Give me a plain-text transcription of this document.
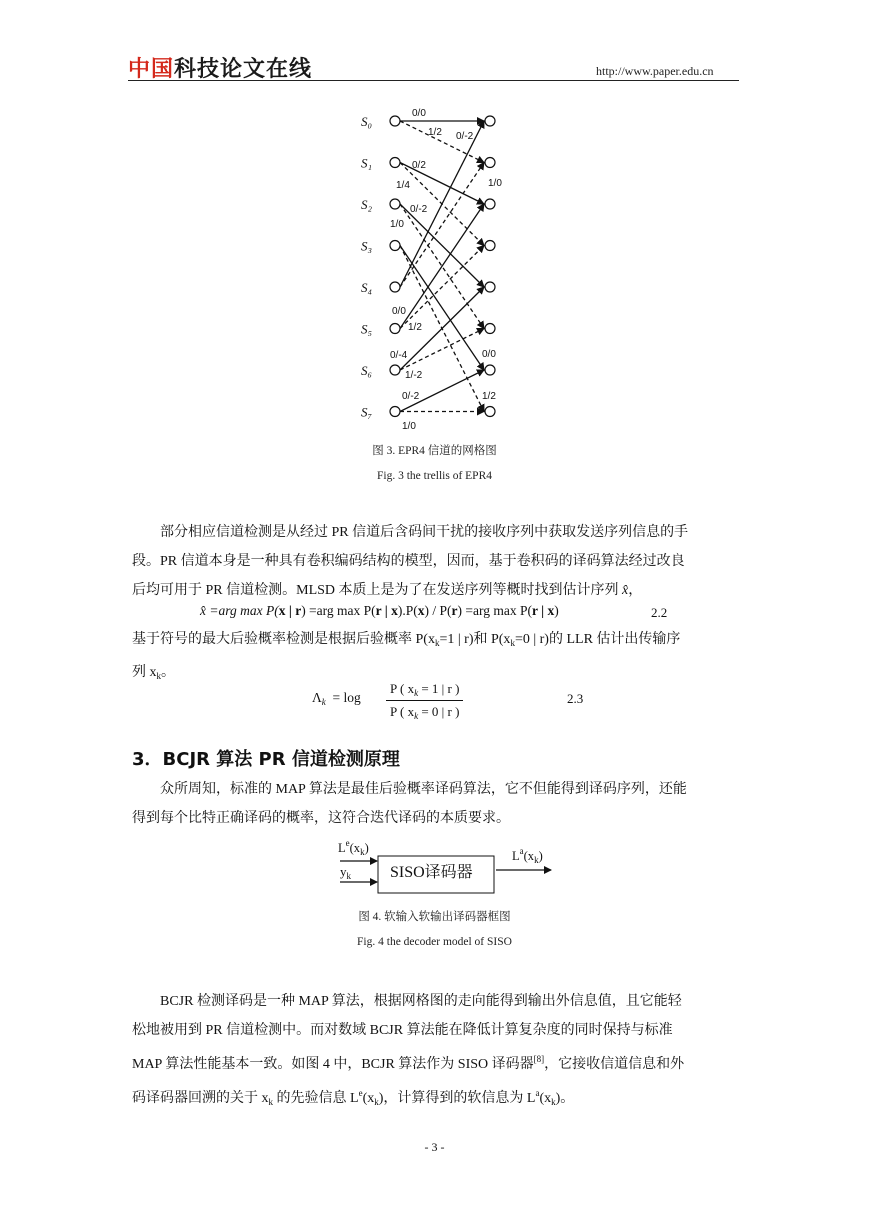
中国科技论文在线	http://www.paper.edu.cn
S₀
S₁
S₂
S₃
S₄
S₅
S₆
S₇
0/0
1/2 0/-2
0/2
1/4	1/0
0/-2
1/0
0/0
1/2
0/-4	0/0
1/-2
0/-2	1/2
1/0
图 3. EPR4 信道的网格图
Fig. 3 the trellis of EPR4
部分相应信道检测是从经过 PR 信道后含码间干扰的接收序列中获取发送序列信息的手
段。PR 信道本身是一种具有卷积编码结构的模型，因而，基于卷积码的译码算法经过改良
后均可用于 PR 信道检测。MLSD 本质上是为了在发送序列等概时找到估计序列 x̂，
x̂ =arg max P(x | r) =arg max P(r | x).P(x) / P(r) =arg max P(r | x)	2.2
基于符号的最大后验概率检测是根据后验概率 $P(x_k=1$ | r)和 $P(x_k=0$ | r)的 LLR 估计出传输序
列 $x_k$。
$\Lambda_k = \log \frac{P ( x_k = 1 | r )}{P ( x_k = 0 | r )}$	2.3
3．BCJR 算法 PR 信道检测原理
众所周知，标准的 MAP 算法是最佳后验概率译码算法，它不但能得到译码序列，还能
得到每个比特正确译码的概率，这符合迭代译码的本质要求。
$L^e(x_k)$
$y_k$ SISO译码器
$L^a(x_k)$
图 4. 软输入软输出译码器框图
Fig. 4 the decoder model of SISO
BCJR 检测译码是一种 MAP 算法，根据网格图的走向能得到输出外信息值，且它能轻
松地被用到 PR 信道检测中。而对数域 BCJR 算法能在降低计算复杂度的同时保持与标准
MAP 算法性能基本一致。如图 4 中，BCJR 算法作为 SISO 译码器[8]，它接收信道信息和外
码译码器回溯的关于 $x_k$ 的先验信息 $L^e(x_k)$，计算得到的软信息为 $L^a(x_k)$。
- 3 -
